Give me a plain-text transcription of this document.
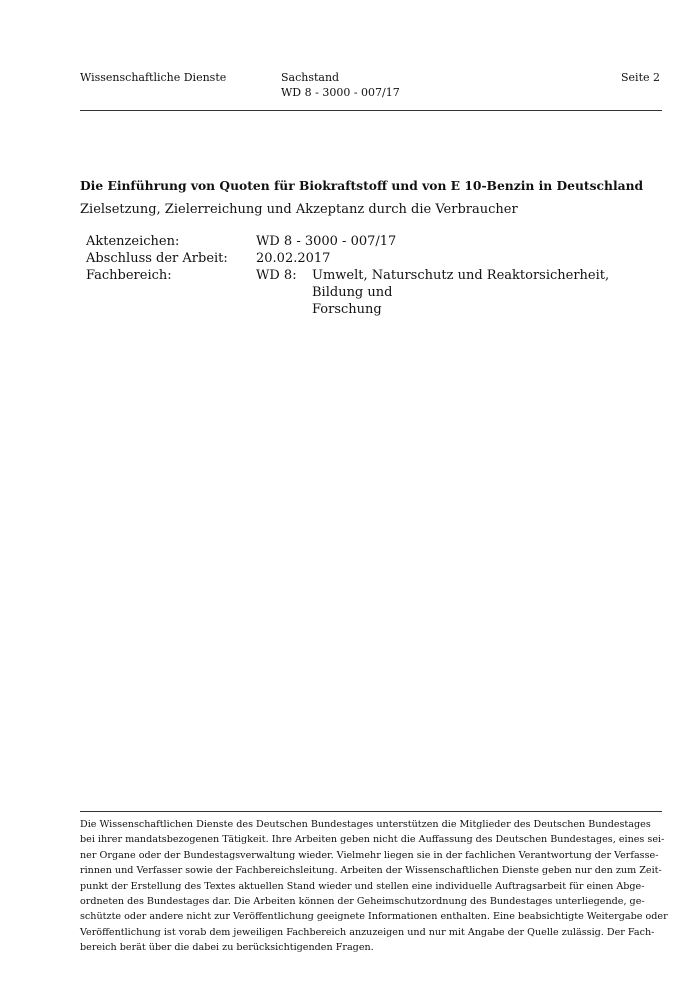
Wissenschaftliche Dienste	Sachstand
WD 8 - 3000 - 007/17
Seite 2
Die Einführung von Quoten für Biokraftstoff und von E 10-Benzin in Deutschland
Zielsetzung, Zielerreichung und Akzeptanz durch die Verbraucher
Aktenzeichen:	WD 8 - 3000 - 007/17
Abschluss der Arbeit: 20.02.2017
Fachbereich:	WD 8: Umwelt, Naturschutz und Reaktorsicherheit, Bildung und
Forschung
Die Wissenschaftlichen Dienste des Deutschen Bundestages unterstützen die Mitglieder des Deutschen Bundestages
bei ihrer mandatsbezogenen Tätigkeit. Ihre Arbeiten geben nicht die Auffassung des Deutschen Bundestages, eines sei-
ner Organe oder der Bundestagsverwaltung wieder. Vielmehr liegen sie in der fachlichen Verantwortung der Verfasse-
rinnen und Verfasser sowie der Fachbereichsleitung. Arbeiten der Wissenschaftlichen Dienste geben nur den zum Zeit-
punkt der Erstellung des Textes aktuellen Stand wieder und stellen eine individuelle Auftragsarbeit für einen Abge-
ordneten des Bundestages dar. Die Arbeiten können der Geheimschutzordnung des Bundestages unterliegende, ge-
schützte oder andere nicht zur Veröffentlichung geeignete Informationen enthalten. Eine beabsichtigte Weitergabe oder
Veröffentlichung ist vorab dem jeweiligen Fachbereich anzuzeigen und nur mit Angabe der Quelle zulässig. Der Fach-
bereich berät über die dabei zu berücksichtigenden Fragen.
